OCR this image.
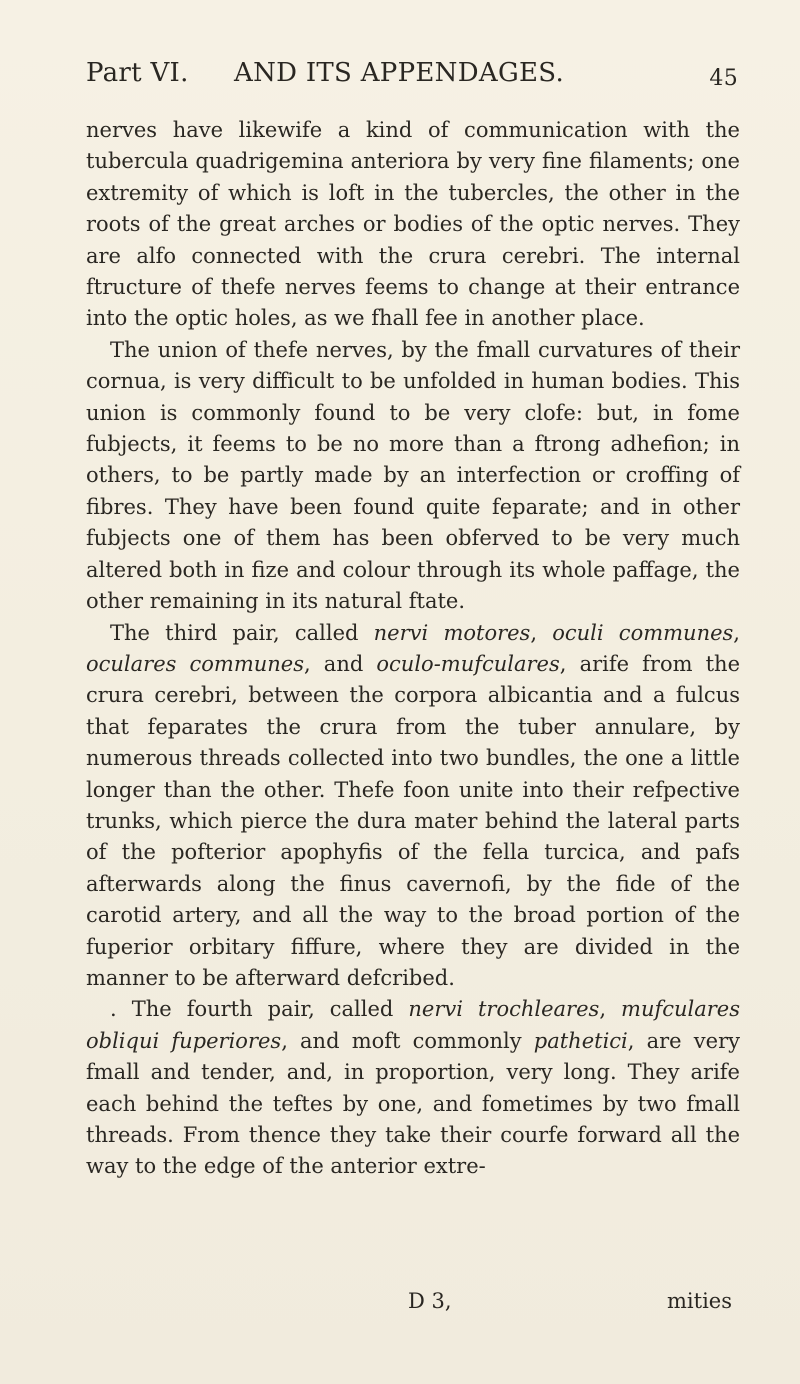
Part VI. AND ITS APPENDAGES.	45

nerves have likewife a kind of communication with the tubercula quadrigemina anteriora by very fine filaments; one extremity of which is loft in the tubercles, the other in the roots of the great arches or bodies of the optic nerves. They are alfo connected with the crura cerebri. The internal ftructure of thefe nerves feems to change at their entrance into the optic holes, as we fhall fee in another place.

The union of thefe nerves, by the fmall curvatures of their cornua, is very difficult to be unfolded in human bodies. This union is commonly found to be very clofe: but, in fome fubjects, it feems to be no more than a ftrong adhefion; in others, to be partly made by an interfection or croffing of fibres. They have been found quite feparate; and in other fubjects one of them has been obferved to be very much altered both in fize and colour through its whole paffage, the other remaining in its natural ftate.

The third pair, called nervi motores, oculi communes, oculares communes, and oculo-mufculares, arife from the crura cerebri, between the corpora albicantia and a fulcus that feparates the crura from the tuber annulare, by numerous threads collected into two bundles, the one a little longer than the other. Thefe foon unite into their refpective trunks, which pierce the dura mater behind the lateral parts of the pofterior apophyfis of the fella turcica, and pafs afterwards along the finus cavernofi, by the fide of the carotid artery, and all the way to the broad portion of the fuperior orbitary fiffure, where they are divided in the manner to be afterward defcribed.

. The fourth pair, called nervi trochleares, mufculares obliqui fuperiores, and moft commonly pathetici, are very fmall and tender, and, in proportion, very long. They arife each behind the teftes by one, and fometimes by two fmall threads. From thence they take their courfe forward all the way to the edge of the anterior extre-

D 3,	mities
